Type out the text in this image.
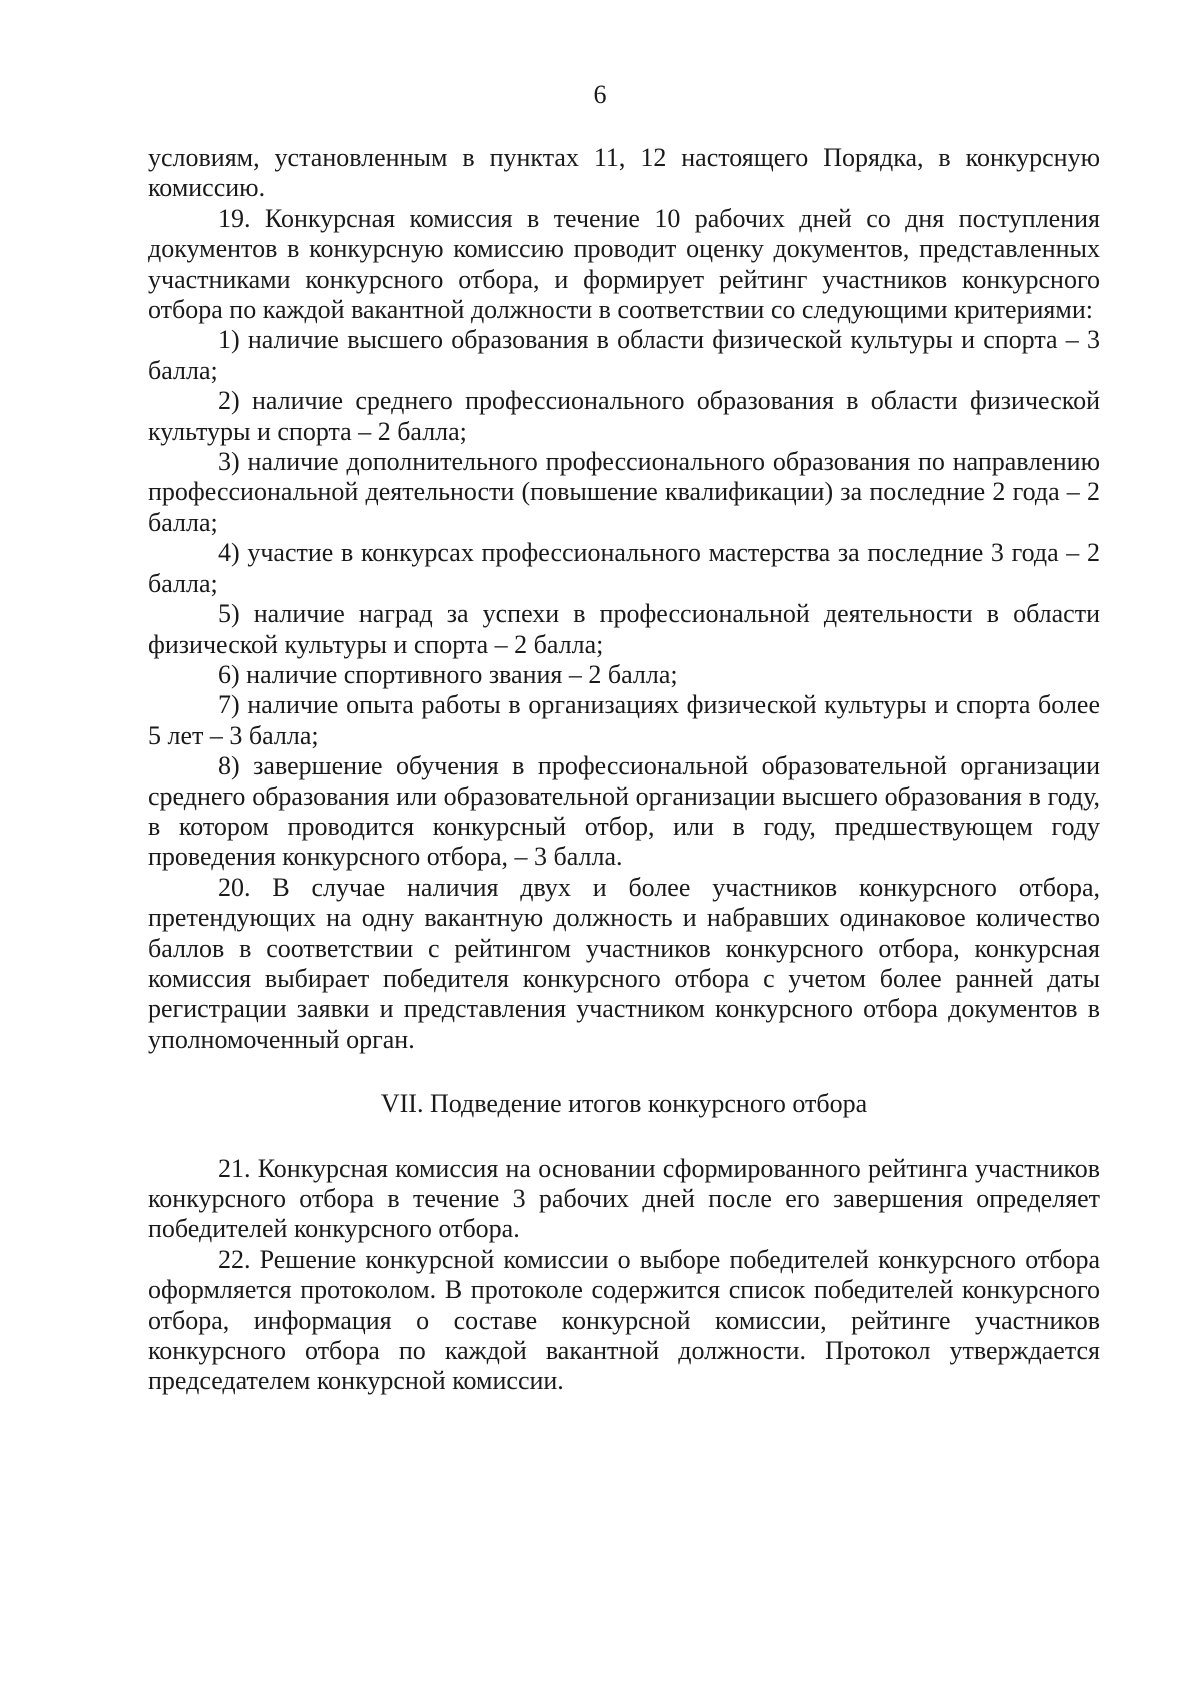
6

условиям, установленным в пунктах 11, 12 настоящего Порядка, в конкурсную комиссию.

19. Конкурсная комиссия в течение 10 рабочих дней со дня поступления документов в конкурсную комиссию проводит оценку документов, представленных участниками конкурсного отбора, и формирует рейтинг участников конкурсного отбора по каждой вакантной должности в соответствии со следующими критериями:

1) наличие высшего образования в области физической культуры и спорта – 3 балла;

2) наличие среднего профессионального образования в области физической культуры и спорта – 2 балла;

3) наличие дополнительного профессионального образования по направлению профессиональной деятельности (повышение квалификации) за последние 2 года – 2 балла;

4) участие в конкурсах профессионального мастерства за последние 3 года – 2 балла;

5) наличие наград за успехи в профессиональной деятельности в области физической культуры и спорта – 2 балла;

6) наличие спортивного звания – 2 балла;

7) наличие опыта работы в организациях физической культуры и спорта более 5 лет – 3 балла;

8) завершение обучения в профессиональной образовательной организации среднего образования или образовательной организации высшего образования в году, в котором проводится конкурсный отбор, или в году, предшествующем году проведения конкурсного отбора, – 3 балла.

20. В случае наличия двух и более участников конкурсного отбора, претендующих на одну вакантную должность и набравших одинаковое количество баллов в соответствии с рейтингом участников конкурсного отбора, конкурсная комиссия выбирает победителя конкурсного отбора с учетом более ранней даты регистрации заявки и представления участником конкурсного отбора документов в уполномоченный орган.

VII. Подведение итогов конкурсного отбора

21. Конкурсная комиссия на основании сформированного рейтинга участников конкурсного отбора в течение 3 рабочих дней после его завершения определяет победителей конкурсного отбора.

22. Решение конкурсной комиссии о выборе победителей конкурсного отбора оформляется протоколом. В протоколе содержится список победителей конкурсного отбора, информация о составе конкурсной комиссии, рейтинге участников конкурсного отбора по каждой вакантной должности. Протокол утверждается председателем конкурсной комиссии.
